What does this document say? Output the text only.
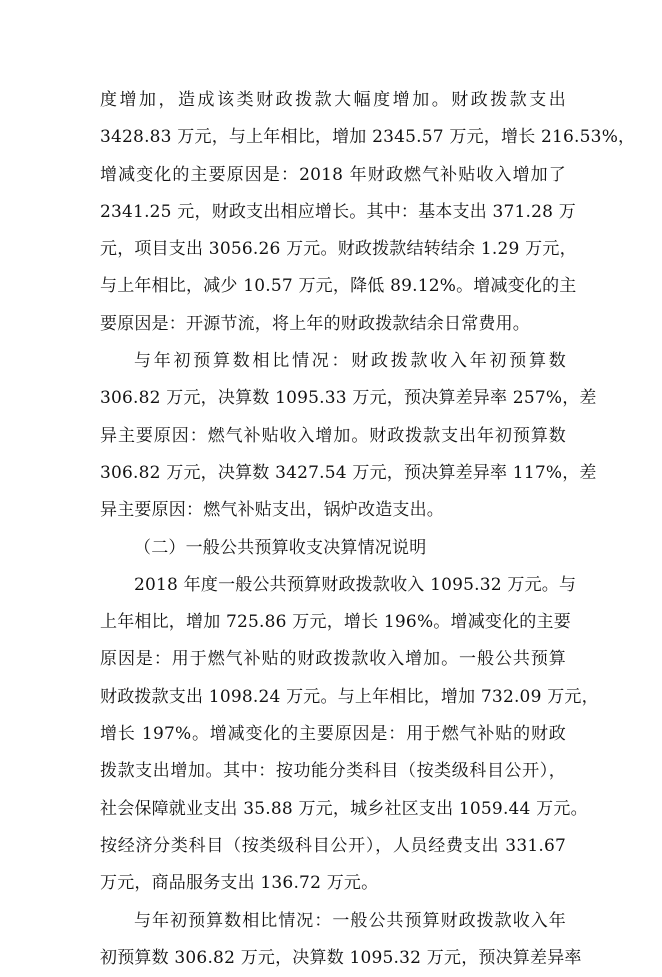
度增加，造成该类财政拨款大幅度增加。财政拨款支出
3428.83 万元，与上年相比，增加 2345.57 万元，增长 216.53%，
增减变化的主要原因是：2018 年财政燃气补贴收入增加了
2341.25 元，财政支出相应增长。其中：基本支出 371.28 万
元，项目支出 3056.26 万元。财政拨款结转结余 1.29 万元，
与上年相比，减少 10.57 万元，降低 89.12%。增减变化的主
要原因是：开源节流，将上年的财政拨款结余日常费用。
与年初预算数相比情况：财政拨款收入年初预算数
306.82 万元，决算数 1095.33 万元，预决算差异率 257%，差
异主要原因：燃气补贴收入增加。财政拨款支出年初预算数
306.82 万元，决算数 3427.54 万元，预决算差异率 117%，差
异主要原因：燃气补贴支出，锅炉改造支出。
（二）一般公共预算收支决算情况说明
2018 年度一般公共预算财政拨款收入 1095.32 万元。与
上年相比，增加 725.86 万元，增长 196%。增减变化的主要
原因是：用于燃气补贴的财政拨款收入增加。一般公共预算
财政拨款支出 1098.24 万元。与上年相比，增加 732.09 万元，
增长 197%。增减变化的主要原因是：用于燃气补贴的财政
拨款支出增加。其中：按功能分类科目（按类级科目公开），
社会保障就业支出 35.88 万元，城乡社区支出 1059.44 万元。
按经济分类科目（按类级科目公开），人员经费支出 331.67
万元，商品服务支出 136.72 万元。
与年初预算数相比情况：一般公共预算财政拨款收入年
初预算数 306.82 万元，决算数 1095.32 万元，预决算差异率
